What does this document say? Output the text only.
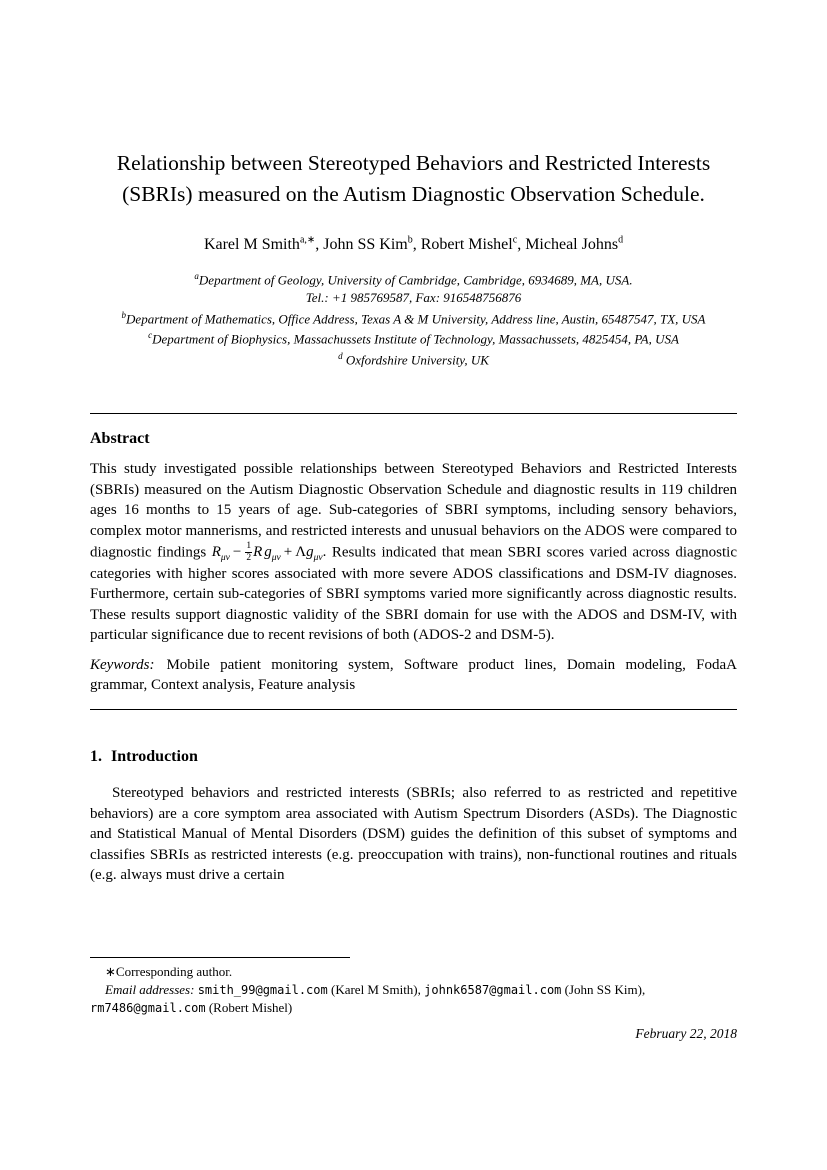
Relationship between Stereotyped Behaviors and Restricted Interests (SBRIs) measured on the Autism Diagnostic Observation Schedule.
Karel M Smith$^{a,∗}$, John SS Kim$^b$, Robert Mishel$^c$, Micheal Johns$^d$
$^a$Department of Geology, University of Cambridge, Cambridge, 6934689, MA, USA.
Tel.: +1 985769587, Fax: 916548756876
$^b$Department of Mathematics, Office Address, Texas A & M University, Address line, Austin, 65487547, TX, USA
$^c$Department of Biophysics, Massachussets Institute of Technology, Massachussets, 4825454, PA, USA
$^d$ Oxfordshire University, UK
Abstract

This study investigated possible relationships between Stereotyped Behaviors and Restricted Interests (SBRIs) measured on the Autism Diagnostic Observation Schedule and diagnostic results in 119 children ages 16 months to 15 years of age. Sub-categories of SBRI symptoms, including sensory behaviors, complex motor mannerisms, and restricted interests and unusual behaviors on the ADOS were compared to diagnostic findings $R_{\mu\nu} - \frac{1}{2}$ R $g_{\mu\nu} + \Lambda g_{\mu\nu}$. Results indicated that mean SBRI scores varied across diagnostic categories with higher scores associated with more severe ADOS classifications and DSM-IV diagnoses. Furthermore, certain sub-categories of SBRI symptoms varied more significantly across diagnostic results. These results support diagnostic validity of the SBRI domain for use with the ADOS and DSM-IV, with particular significance due to recent revisions of both (ADOS-2 and DSM-5).

Keywords: Mobile patient monitoring system, Software product lines, Domain modeling, FodaA grammar, Context analysis, Feature analysis

1. Introduction

Stereotyped behaviors and restricted interests (SBRIs; also referred to as restricted and repetitive behaviors) are a core symptom area associated with Autism Spectrum Disorders (ASDs). The Diagnostic and Statistical Manual of Mental Disorders (DSM) guides the definition of this subset of symptoms and classifies SBRIs as restricted interests (e.g. preoccupation with trains), non-functional routines and rituals (e.g. always must drive a certain

∗Corresponding author.

Email addresses: smith_99@gmail.com (Karel M Smith), johnk6587@gmail.com (John SS Kim), rm7486@gmail.com (Robert Mishel)

February 22, 2018
